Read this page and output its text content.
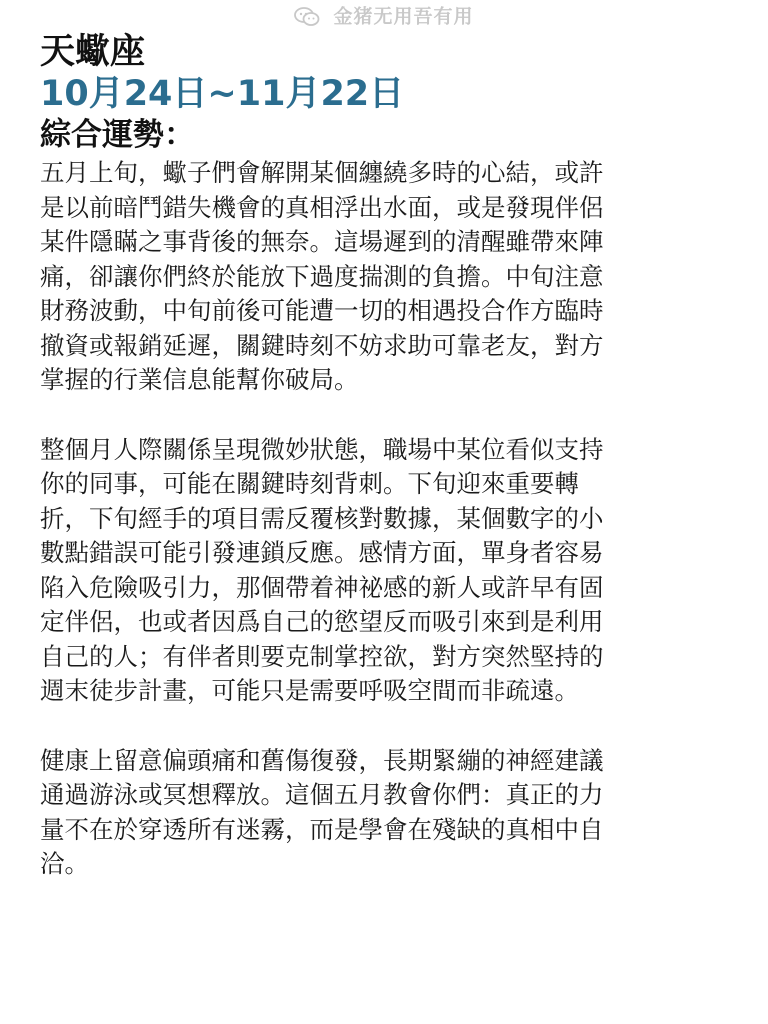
金猪无用吾有用
天蠍座
10月24日~11月22日
綜合運勢：
五月上旬，蠍子們會解開某個纏繞多時的心結，或許
是以前暗鬥錯失機會的真相浮出水面，或是發現伴侶
某件隱瞞之事背後的無奈。這場遲到的清醒雖帶來陣
痛，卻讓你們終於能放下過度揣測的負擔。中旬注意
財務波動，中旬前後可能遭一切的相遇投合作方臨時
撤資或報銷延遲，關鍵時刻不妨求助可靠老友，對方
掌握的行業信息能幫你破局。
整個月人際關係呈現微妙狀態，職場中某位看似支持
你的同事，可能在關鍵時刻背刺。下旬迎來重要轉
折，下旬經手的項目需反覆核對數據，某個數字的小
數點錯誤可能引發連鎖反應。感情方面，單身者容易
陷入危險吸引力，那個帶着神祕感的新人或許早有固
定伴侶，也或者因爲自己的慾望反而吸引來到是利用
自己的人；有伴者則要克制掌控欲，對方突然堅持的
週末徒步計畫，可能只是需要呼吸空間而非疏遠。
健康上留意偏頭痛和舊傷復發，長期緊繃的神經建議
通過游泳或冥想釋放。這個五月教會你們：真正的力
量不在於穿透所有迷霧，而是學會在殘缺的真相中自
洽。
